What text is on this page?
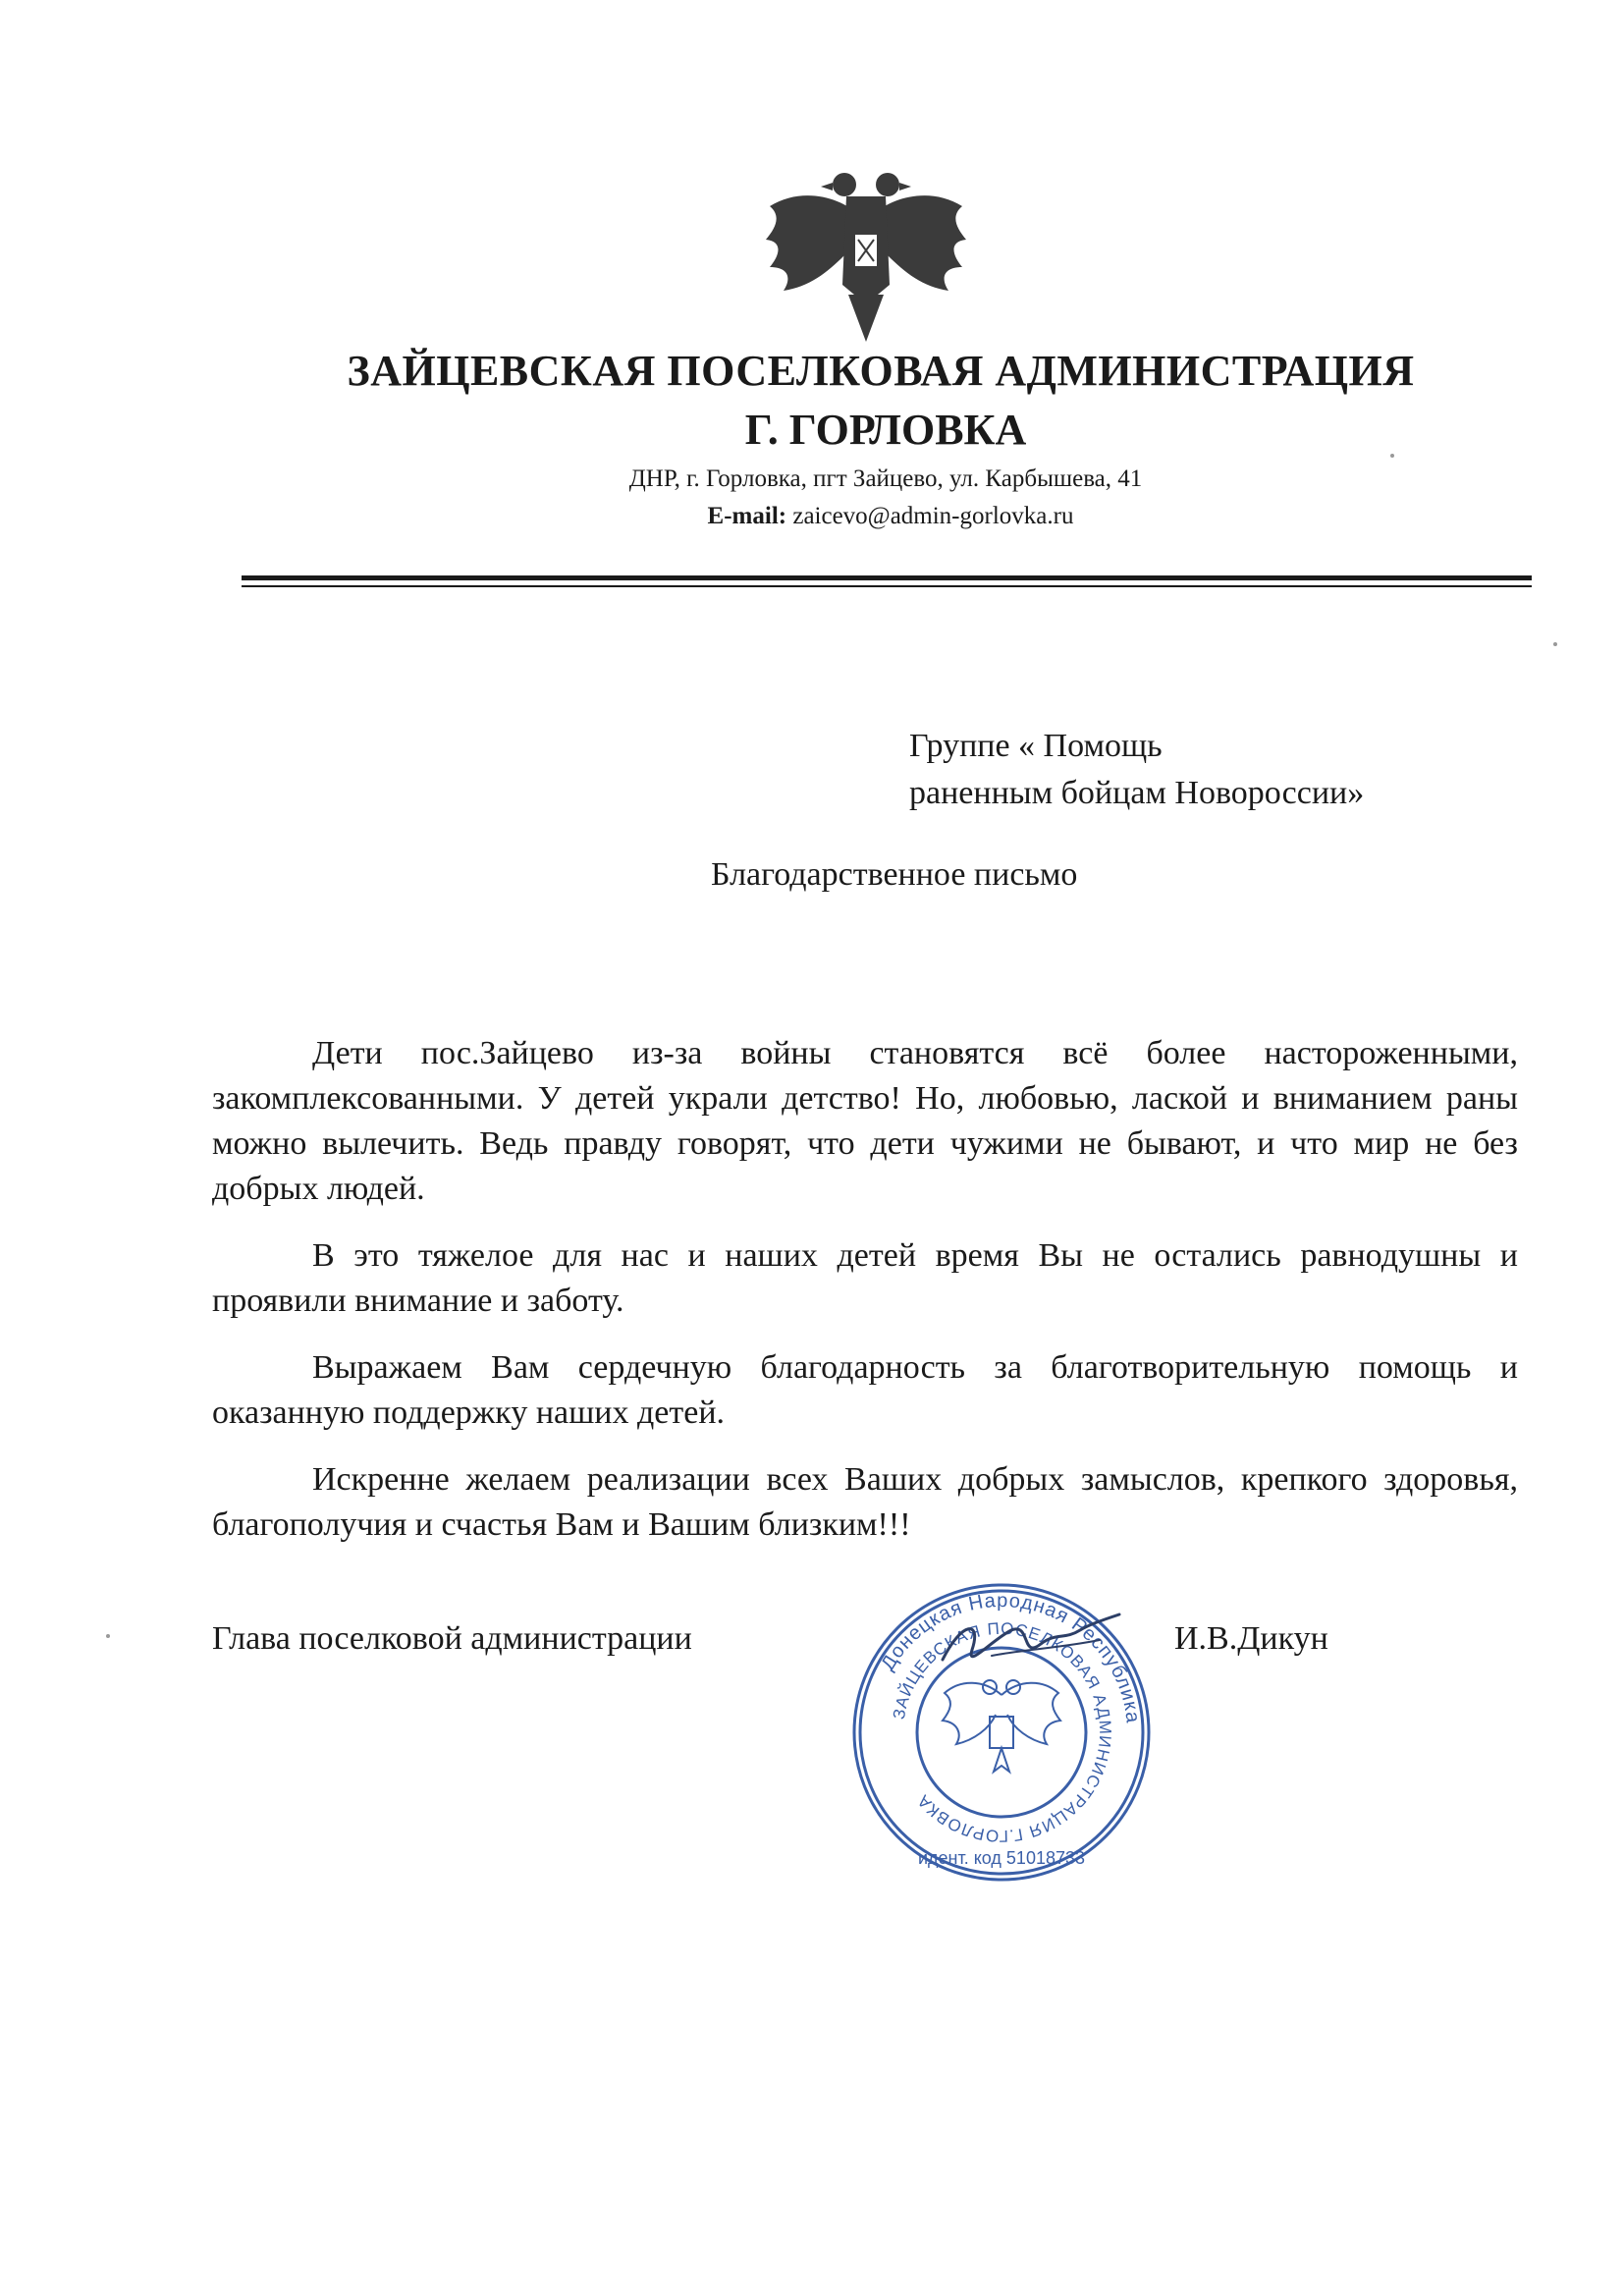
ЗАЙЦЕВСКАЯ ПОСЕЛКОВАЯ АДМИНИСТРАЦИЯ
Г. ГОРЛОВКА
ДНР, г. Горловка, пгт Зайцево, ул. Карбышева, 41
E-mail: zaicevo@admin-gorlovka.ru
Группе « Помощь
раненным бойцам Новороссии»
Благодарственное письмо

Дети пос.Зайцево из-за войны становятся всё более настороженными, закомплексованными. У детей украли детство! Но, любовью, лаской и вниманием раны можно вылечить. Ведь правду говорят, что дети чужими не бывают, и что мир не без добрых людей.

В это тяжелое для нас и наших детей время Вы не остались равнодушны и проявили внимание и заботу.

Выражаем Вам сердечную благодарность за благотворительную помощь и оказанную поддержку наших детей.

Искренне желаем реализации всех Ваших добрых замыслов, крепкого здоровья, благополучия и счастья Вам и Вашим близким!!!

Глава поселковой администрации	И.В.Дикун
Донецкая Народная Республика
ЗАЙЦЕВСКАЯ ПОСЕЛКОВАЯ АДМИНИСТРАЦИЯ Г.ГОРЛОВКА
идент. код 51018733
